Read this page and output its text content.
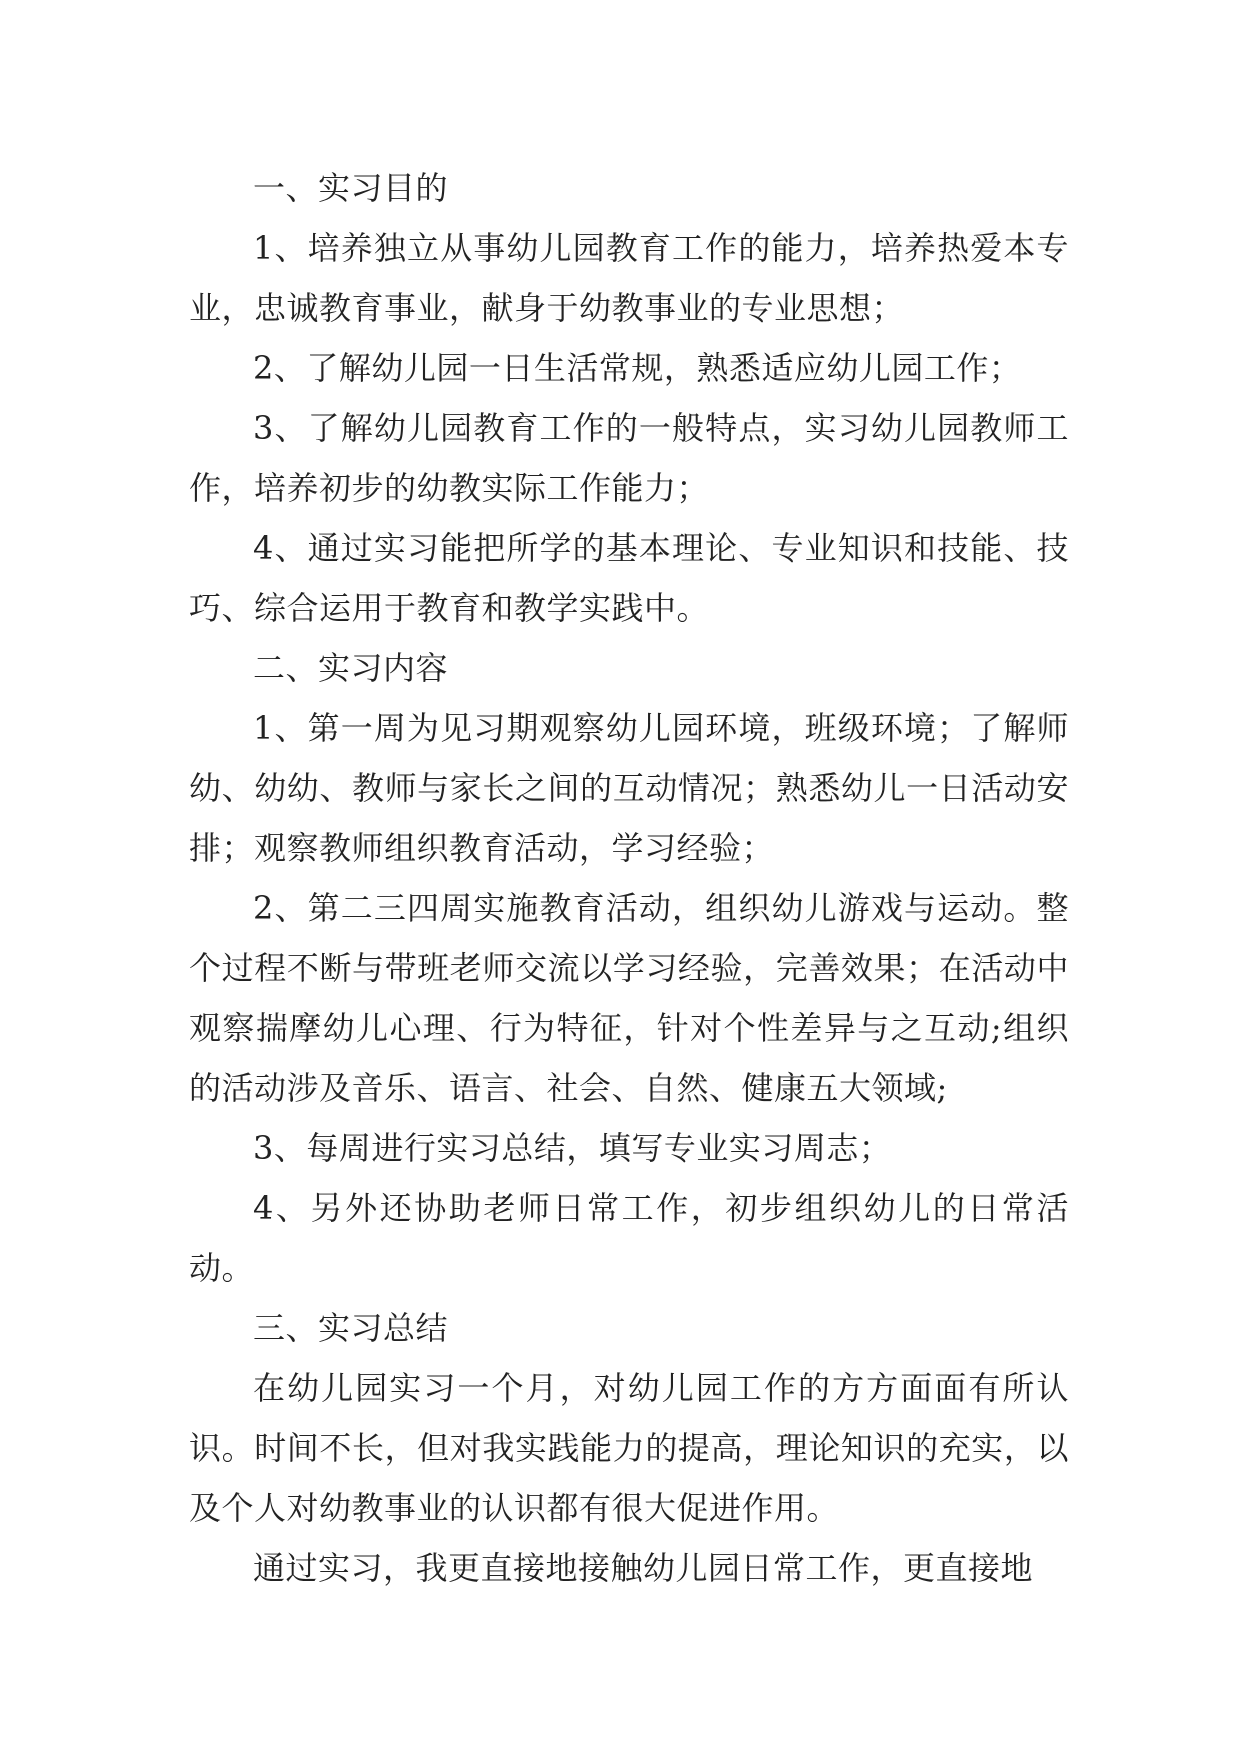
一、实习目的

1、培养独立从事幼儿园教育工作的能力，培养热爱本专业，忠诚教育事业，献身于幼教事业的专业思想；

2、了解幼儿园一日生活常规，熟悉适应幼儿园工作；

3、了解幼儿园教育工作的一般特点，实习幼儿园教师工作，培养初步的幼教实际工作能力；

4、通过实习能把所学的基本理论、专业知识和技能、技巧、综合运用于教育和教学实践中。

二、实习内容

1、第一周为见习期观察幼儿园环境，班级环境；了解师幼、幼幼、教师与家长之间的互动情况；熟悉幼儿一日活动安排；观察教师组织教育活动，学习经验；

2、第二三四周实施教育活动，组织幼儿游戏与运动。整个过程不断与带班老师交流以学习经验，完善效果；在活动中观察揣摩幼儿心理、行为特征，针对个性差异与之互动;组织的活动涉及音乐、语言、社会、自然、健康五大领域;

3、每周进行实习总结，填写专业实习周志；

4、另外还协助老师日常工作，初步组织幼儿的日常活动。

三、实习总结

在幼儿园实习一个月，对幼儿园工作的方方面面有所认识。时间不长，但对我实践能力的提高，理论知识的充实，以及个人对幼教事业的认识都有很大促进作用。

通过实习，我更直接地接触幼儿园日常工作，更直接地
